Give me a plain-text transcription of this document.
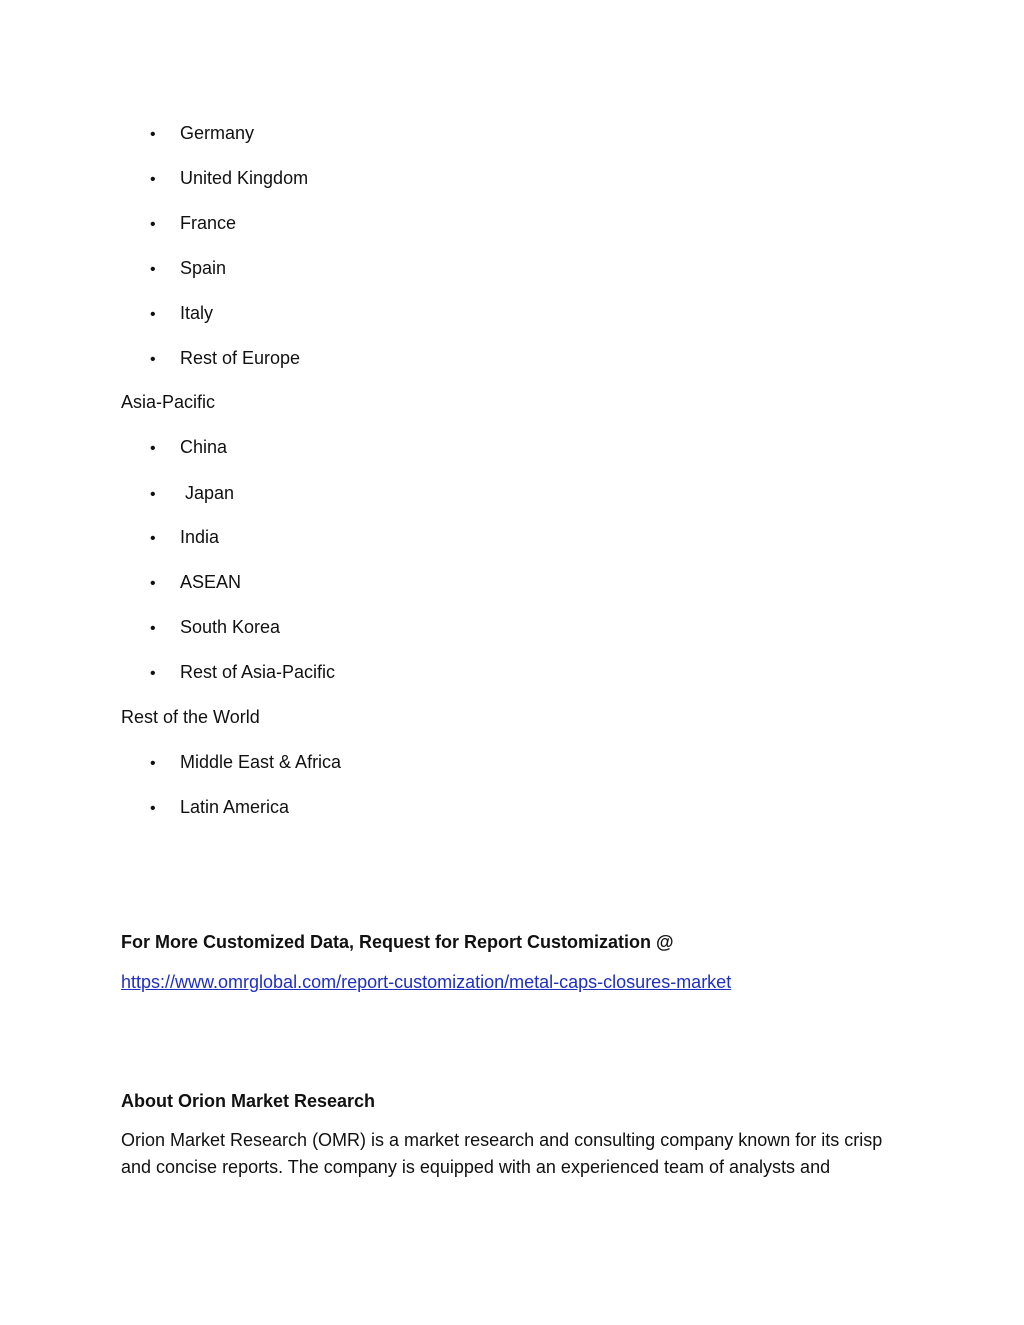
• Germany
• United Kingdom
• France
• Spain
• Italy
• Rest of Europe
Asia-Pacific
• China
• Japan
• India
• ASEAN
• South Korea
• Rest of Asia-Pacific
Rest of the World
• Middle East & Africa
• Latin America
For More Customized Data, Request for Report Customization @
https://www.omrglobal.com/report-customization/metal-caps-closures-market
About Orion Market Research
Orion Market Research (OMR) is a market research and consulting company known for its crisp
and concise reports. The company is equipped with an experienced team of analysts and
